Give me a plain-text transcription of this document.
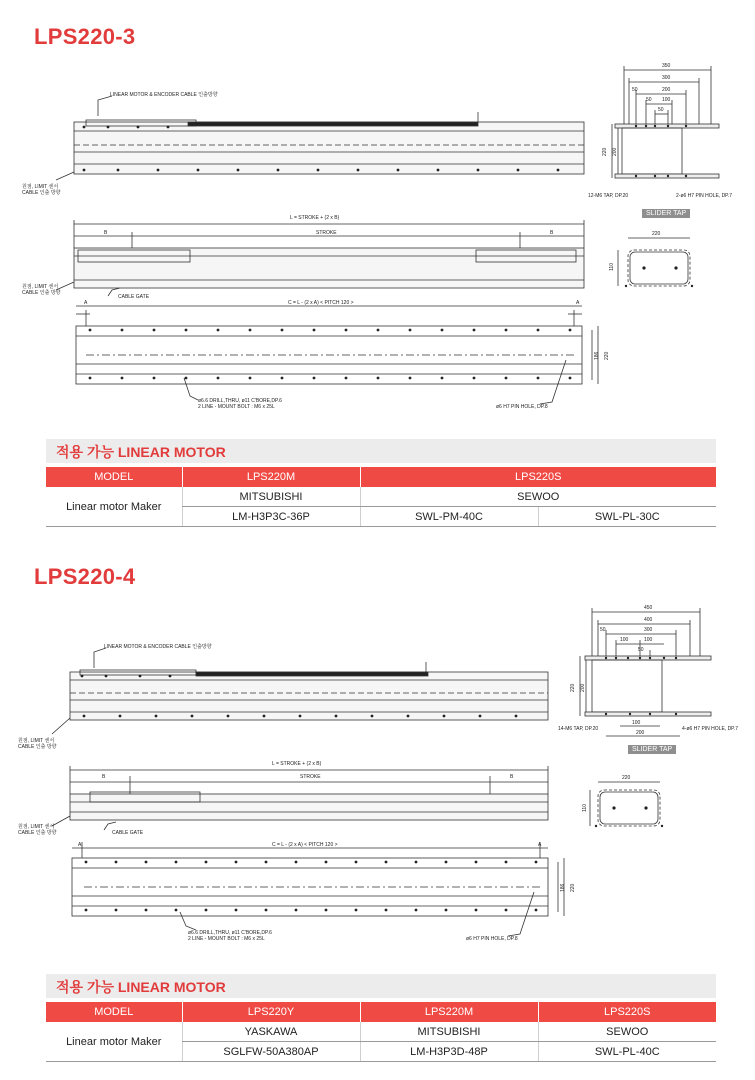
LPS220-3
LINEAR MOTOR & ENCODER CABLE 인출방향
원점, LIMIT 센서
CABLE 인출 방향
L = STROKE + (2 x B)
B	STROKE	B
원점, LIMIT 센서
CABLE 인출 방향
CABLE GATE
A	A
C = L - (2 x A) < PITCH 120 >
ø6.6 DRILL,THRU, ø11 C'BORE,DP.6
2 LINE - MOUNT BOLT : M6 x 25L	ø6 H7 PIN HOLE, DP.8
12-M6 TAP, DP.20	2-ø6 H7 PIN HOLE, DP.7
350
300
200
50
100
50
50
220
110
220 200
186 220
SLIDER TAP
적용 가능 LINEAR MOTOR
MODEL	LPS220M	LPS220S	
Linear motor Maker	MITSUBISHI	SEWOO	
	LM-H3P3C-36P	SWL-PM-40C	SWL-PL-30C
LPS220-4
LINEAR MOTOR & ENCODER CABLE 인출방향
원점, LIMIT 센서
CABLE 인출 방향
L = STROKE + (2 x B)
B	STROKE	B
원점, LIMIT 센서
CABLE 인출 방향	CABLE GATE
A	A
C = L - (2 x A) < PITCH 120 >
ø6.6 DRILL,THRU, ø11 C'BORE,DP.6
2 LINE - MOUNT BOLT : M6 x 25L	ø6 H7 PIN HOLE, DP.8
14-M6 TAP, DP.20	4-ø6 H7 PIN HOLE, DP.7
450
400
300
50
100	100
50
100
200
220
110
220 200
186 220
SLIDER TAP
적용 가능 LINEAR MOTOR
MODEL	LPS220Y	LPS220M	LPS220S
Linear motor Maker	YASKAWA	MITSUBISHI	SEWOO
	SGLFW-50A380AP	LM-H3P3D-48P	SWL-PL-40C
